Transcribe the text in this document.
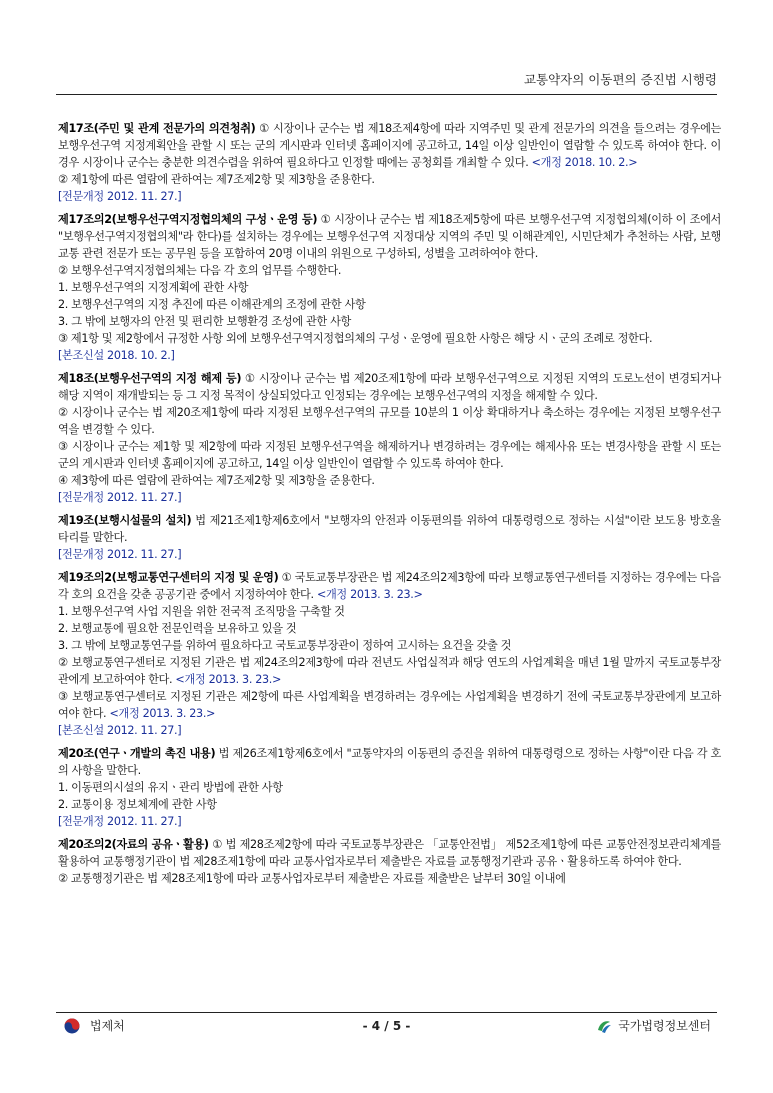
교통약자의 이동편의 증진법 시행령

제17조(주민 및 관계 전문가의 의견청취) ① 시장이나 군수는 법 제18조제4항에 따라 지역주민 및 관계 전문가의 의견을 들으려는 경우에는 보행우선구역 지정계획안을 관할 시 또는 군의 게시판과 인터넷 홈페이지에 공고하고, 14일 이상 일반인이 열람할 수 있도록 하여야 한다. 이 경우 시장이나 군수는 충분한 의견수렴을 위하여 필요하다고 인정할 때에는 공청회를 개최할 수 있다. <개정 2018. 10. 2.>

② 제1항에 따른 열람에 관하여는 제7조제2항 및 제3항을 준용한다.

[전문개정 2012. 11. 27.]

제17조의2(보행우선구역지정협의체의 구성ㆍ운영 등) ① 시장이나 군수는 법 제18조제5항에 따른 보행우선구역 지정협의체(이하 이 조에서 "보행우선구역지정협의체"라 한다)를 설치하는 경우에는 보행우선구역 지정대상 지역의 주민 및 이해관계인, 시민단체가 추천하는 사람, 보행교통 관련 전문가 또는 공무원 등을 포함하여 20명 이내의 위원으로 구성하되, 성별을 고려하여야 한다.

② 보행우선구역지정협의체는 다음 각 호의 업무를 수행한다.

1. 보행우선구역의 지정계획에 관한 사항

2. 보행우선구역의 지정 추진에 따른 이해관계의 조정에 관한 사항

3. 그 밖에 보행자의 안전 및 편리한 보행환경 조성에 관한 사항

③ 제1항 및 제2항에서 규정한 사항 외에 보행우선구역지정협의체의 구성ㆍ운영에 필요한 사항은 해당 시ㆍ군의 조례로 정한다.

[본조신설 2018. 10. 2.]

제18조(보행우선구역의 지정 해제 등) ① 시장이나 군수는 법 제20조제1항에 따라 보행우선구역으로 지정된 지역의 도로노선이 변경되거나 해당 지역이 재개발되는 등 그 지정 목적이 상실되었다고 인정되는 경우에는 보행우선구역의 지정을 해제할 수 있다.

② 시장이나 군수는 법 제20조제1항에 따라 지정된 보행우선구역의 규모를 10분의 1 이상 확대하거나 축소하는 경우에는 지정된 보행우선구역을 변경할 수 있다.

③ 시장이나 군수는 제1항 및 제2항에 따라 지정된 보행우선구역을 해제하거나 변경하려는 경우에는 해제사유 또는 변경사항을 관할 시 또는 군의 게시판과 인터넷 홈페이지에 공고하고, 14일 이상 일반인이 열람할 수 있도록 하여야 한다.

④ 제3항에 따른 열람에 관하여는 제7조제2항 및 제3항을 준용한다.

[전문개정 2012. 11. 27.]

제19조(보행시설물의 설치) 법 제21조제1항제6호에서 "보행자의 안전과 이동편의를 위하여 대통령령으로 정하는 시설"이란 보도용 방호울타리를 말한다.

[전문개정 2012. 11. 27.]

제19조의2(보행교통연구센터의 지정 및 운영) ① 국토교통부장관은 법 제24조의2제3항에 따라 보행교통연구센터를 지정하는 경우에는 다음 각 호의 요건을 갖춘 공공기관 중에서 지정하여야 한다. <개정 2013. 3. 23.>

1. 보행우선구역 사업 지원을 위한 전국적 조직망을 구축할 것

2. 보행교통에 필요한 전문인력을 보유하고 있을 것

3. 그 밖에 보행교통연구를 위하여 필요하다고 국토교통부장관이 정하여 고시하는 요건을 갖출 것

② 보행교통연구센터로 지정된 기관은 법 제24조의2제3항에 따라 전년도 사업실적과 해당 연도의 사업계획을 매년 1월 말까지 국토교통부장관에게 보고하여야 한다. <개정 2013. 3. 23.>

③ 보행교통연구센터로 지정된 기관은 제2항에 따른 사업계획을 변경하려는 경우에는 사업계획을 변경하기 전에 국토교통부장관에게 보고하여야 한다. <개정 2013. 3. 23.>

[본조신설 2012. 11. 27.]

제20조(연구ㆍ개발의 촉진 내용) 법 제26조제1항제6호에서 "교통약자의 이동편의 증진을 위하여 대통령령으로 정하는 사항"이란 다음 각 호의 사항을 말한다.

1. 이동편의시설의 유지ㆍ관리 방법에 관한 사항

2. 교통이용 정보체계에 관한 사항

[전문개정 2012. 11. 27.]

제20조의2(자료의 공유ㆍ활용) ① 법 제28조제2항에 따라 국토교통부장관은 「교통안전법」 제52조제1항에 따른 교통안전정보관리체계를 활용하여 교통행정기관이 법 제28조제1항에 따라 교통사업자로부터 제출받은 자료를 교통행정기관과 공유ㆍ활용하도록 하여야 한다.

② 교통행정기관은 법 제28조제1항에 따라 교통사업자로부터 제출받은 자료를 제출받은 날부터 30일 이내에

법제처	- 4 / 5 -	국가법령정보센터
